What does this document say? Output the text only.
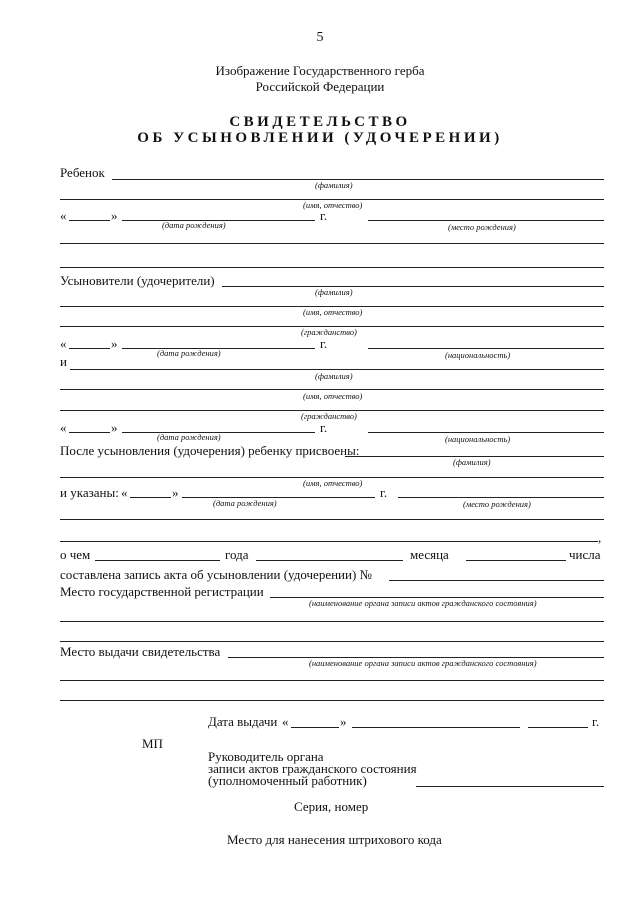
5
Изображение Государственного герба
Российской Федерации
СВИДЕТЕЛЬСТВО
ОБ УСЫНОВЛЕНИИ (УДОЧЕРЕНИИ)
Ребенок
(фамилия)
(имя, отчество)
«	»	г.
(дата рождения)	(место рождения)
Усыновители (удочерители)
(фамилия)
(имя, отчество)
(гражданство)
«	»	г.
(дата рождения)	(национальность)
и
(фамилия)
(имя, отчество)
(гражданство)
«	»	г.
(дата рождения)	(национальность)
После усыновления (удочерения) ребенку присвоены:
(фамилия)
(имя, отчество)
и указаны: «	»	г.
(дата рождения)	(место рождения)
,
о чем	года	месяца	числа
составлена запись акта об усыновлении (удочерении) №
Место государственной регистрации
(наименование органа записи актов гражданского состояния)
Место выдачи свидетельства
(наименование органа записи актов гражданского состояния)
Дата выдачи «	»	г.
МП
Руководитель органа
записи актов гражданского состояния
(уполномоченный работник)
Серия, номер
Место для нанесения штрихового кода
